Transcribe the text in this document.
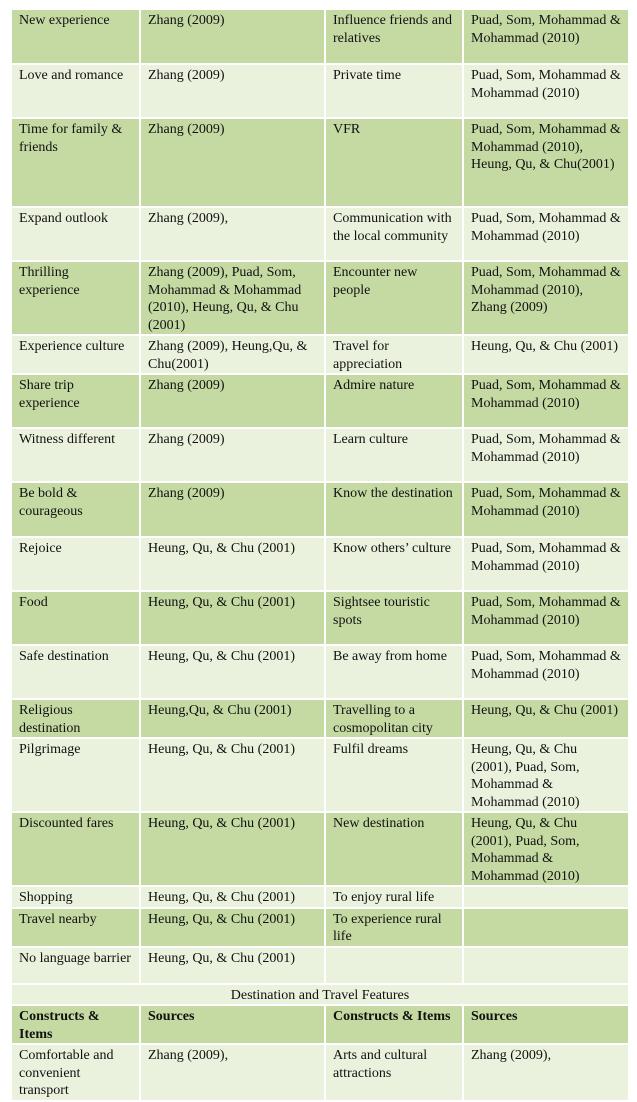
New experience	Zhang (2009)	Influence friends and relatives	Puad, Som, Mohammad & Mohammad (2010)
Love and romance	Zhang (2009)	Private time	Puad, Som, Mohammad & Mohammad (2010)
Time for family & friends	Zhang (2009)	VFR	Puad, Som, Mohammad & Mohammad (2010), Heung, Qu, & Chu(2001)
Expand outlook	Zhang (2009),	Communication with the local community	Puad, Som, Mohammad & Mohammad (2010)
Thrilling experience	Zhang (2009), Puad, Som, Mohammad & Mohammad (2010), Heung, Qu, & Chu (2001)	Encounter new people	Puad, Som, Mohammad & Mohammad (2010), Zhang (2009)
Experience culture	Zhang (2009), Heung,Qu, & Chu(2001)	Travel for appreciation	Heung, Qu, & Chu (2001)
Share trip experience	Zhang (2009)	Admire nature	Puad, Som, Mohammad & Mohammad (2010)
Witness different	Zhang (2009)	Learn culture	Puad, Som, Mohammad & Mohammad (2010)
Be bold & courageous	Zhang (2009)	Know the destination	Puad, Som, Mohammad & Mohammad (2010)
Rejoice	Heung, Qu, & Chu (2001)	Know others’ culture	Puad, Som, Mohammad & Mohammad (2010)
Food	Heung, Qu, & Chu (2001)	Sightsee touristic spots	Puad, Som, Mohammad & Mohammad (2010)
Safe destination	Heung, Qu, & Chu (2001)	Be away from home	Puad, Som, Mohammad & Mohammad (2010)
Religious destination	Heung,Qu, & Chu (2001)	Travelling to a cosmopolitan city	Heung, Qu, & Chu (2001)
Pilgrimage	Heung, Qu, & Chu (2001)	Fulfil dreams	Heung, Qu, & Chu (2001), Puad, Som, Mohammad & Mohammad (2010)
Discounted fares	Heung, Qu, & Chu (2001)	New destination	Heung, Qu, & Chu (2001), Puad, Som, Mohammad & Mohammad (2010)
Shopping	Heung, Qu, & Chu (2001)	To enjoy rural life	
Travel nearby	Heung, Qu, & Chu (2001)	To experience rural life	
No language barrier	Heung, Qu, & Chu (2001)		
Destination and Travel Features			
Constructs & Items	Sources	Constructs & Items	Sources
Comfortable and convenient transport	Zhang (2009),	Arts and cultural attractions	Zhang (2009),
